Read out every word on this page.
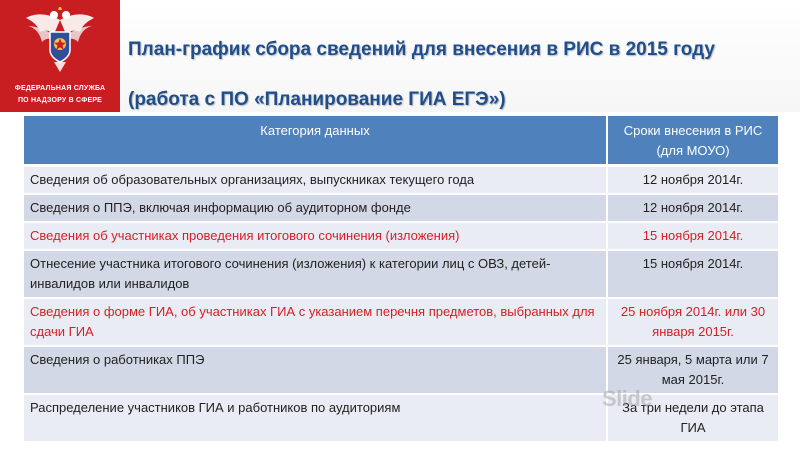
ФЕДЕРАЛЬНАЯ СЛУЖБА
ПО НАДЗОРУ В СФЕРЕ
План-график сбора сведений для внесения в РИС в 2015 году
(работа с ПО «Планирование ГИА ЕГЭ»)
Категория данных	Сроки внесения в РИС (для МОУО)
Сведения об образовательных организациях, выпускниках текущего года	12 ноября 2014г.
Сведения о ППЭ, включая информацию об аудиторном фонде	12 ноября 2014г.
Сведения об участниках проведения итогового сочинения (изложения)	15 ноября 2014г.
Отнесение участника итогового сочинения (изложения) к категории лиц с ОВЗ, детей-инвалидов или инвалидов	15 ноября 2014г.
Сведения о форме ГИА, об участниках ГИА с указанием перечня предметов, выбранных для сдачи ГИА	25 ноября 2014г. или 30 января 2015г.
Сведения о работниках ППЭ	25 января, 5 марта или 7 мая 2015г.
Распределение участников ГИА и работников по аудиториям	За три недели до этапа ГИА
Slide
